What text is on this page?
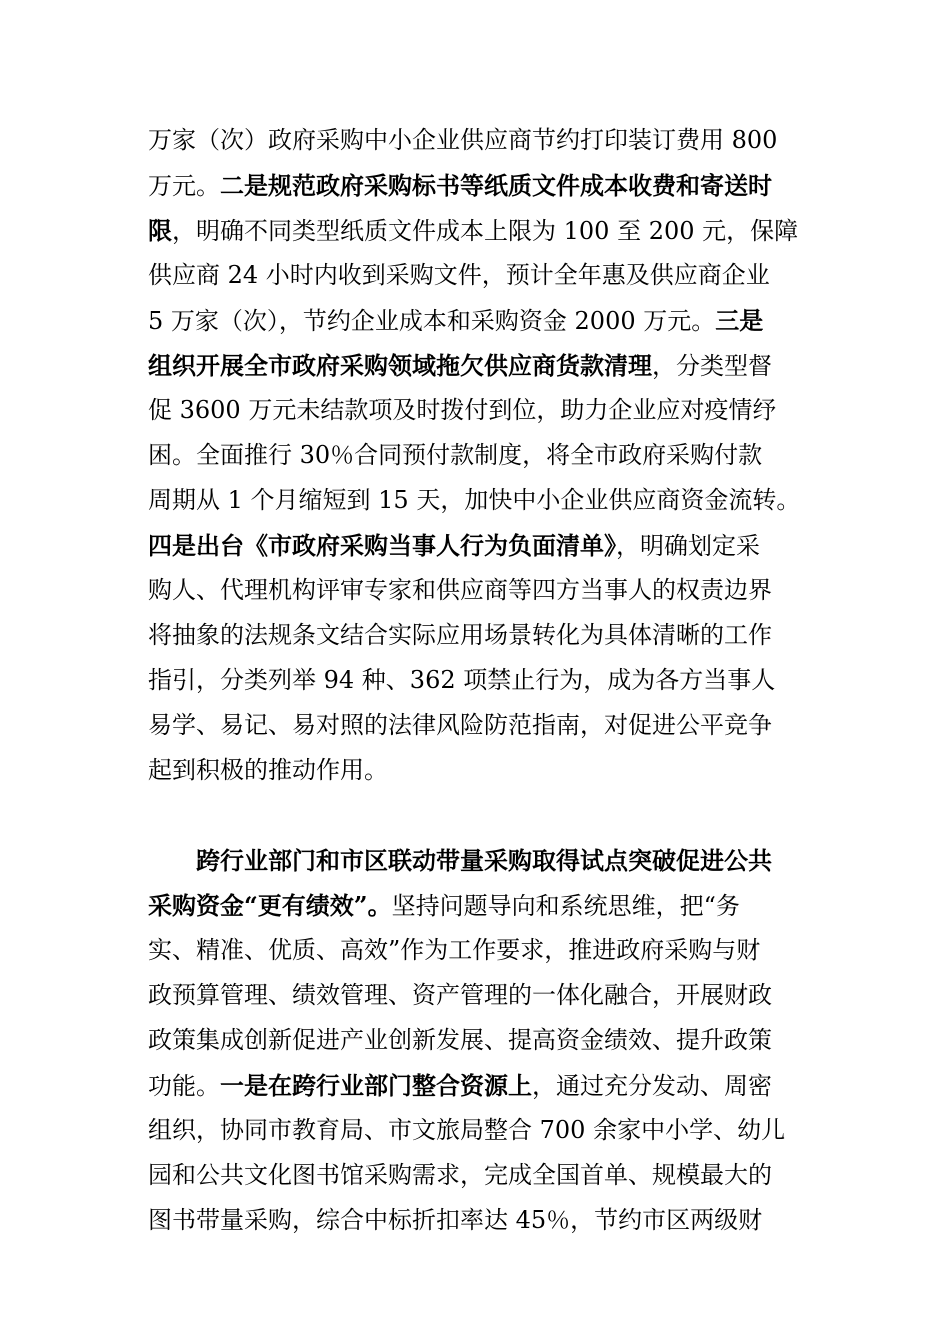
万家（次）政府采购中小企业供应商节约打印装订费用 800
万元。二是规范政府采购标书等纸质文件成本收费和寄送时
限，明确不同类型纸质文件成本上限为 100 至 200 元，保障
供应商 24 小时内收到采购文件，预计全年惠及供应商企业
5 万家（次），节约企业成本和采购资金 2000 万元。三是
组织开展全市政府采购领域拖欠供应商货款清理，分类型督
促 3600 万元未结款项及时拨付到位，助力企业应对疫情纾
困。全面推行 30％合同预付款制度，将全市政府采购付款
周期从 1 个月缩短到 15 天，加快中小企业供应商资金流转。
四是出台《市政府采购当事人行为负面清单》，明确划定采
购人、代理机构评审专家和供应商等四方当事人的权责边界
将抽象的法规条文结合实际应用场景转化为具体清晰的工作
指引，分类列举 94 种、362 项禁止行为，成为各方当事人
易学、易记、易对照的法律风险防范指南，对促进公平竞争
起到积极的推动作用。
跨行业部门和市区联动带量采购取得试点突破促进公共
采购资金“更有绩效”。坚持问题导向和系统思维，把“务
实、精准、优质、高效”作为工作要求，推进政府采购与财
政预算管理、绩效管理、资产管理的一体化融合，开展财政
政策集成创新促进产业创新发展、提高资金绩效、提升政策
功能。一是在跨行业部门整合资源上，通过充分发动、周密
组织，协同市教育局、市文旅局整合 700 余家中小学、幼儿
园和公共文化图书馆采购需求，完成全国首单、规模最大的
图书带量采购，综合中标折扣率达 45％，节约市区两级财
